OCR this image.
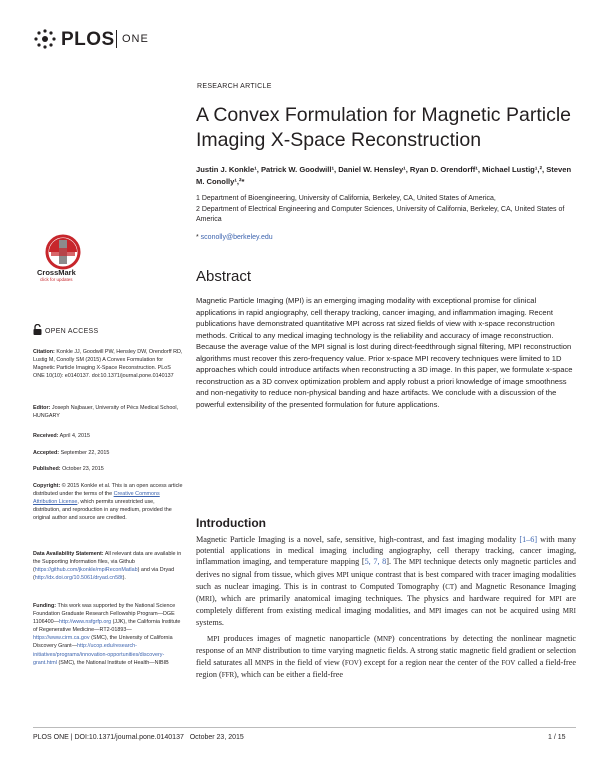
PLOS ONE
RESEARCH ARTICLE
A Convex Formulation for Magnetic Particle Imaging X-Space Reconstruction
Justin J. Konkle¹, Patrick W. Goodwill¹, Daniel W. Hensley¹, Ryan D. Orendorff¹, Michael Lustig¹,², Steven M. Conolly¹,²*
1 Department of Bioengineering, University of California, Berkeley, CA, United States of America,
2 Department of Electrical Engineering and Computer Sciences, University of California, Berkeley, CA, United States of America
* sconolly@berkeley.edu
CrossMark
click for updates
OPEN ACCESS
Citation: Konkle JJ, Goodwill PW, Hensley DW, Orendorff RD, Lustig M, Conolly SM (2015) A Convex Formulation for Magnetic Particle Imaging X-Space Reconstruction. PLoS ONE 10(10): e0140137. doi:10.1371/journal.pone.0140137
Editor: Joseph Najbauer, University of Pécs Medical School, HUNGARY
Received: April 4, 2015
Accepted: September 22, 2015
Published: October 23, 2015
Copyright: © 2015 Konkle et al. This is an open access article distributed under the terms of the Creative Commons Attribution License, which permits unrestricted use, distribution, and reproduction in any medium, provided the original author and source are credited.
Data Availability Statement: All relevant data are available in the Supporting Information files, via Github (https://github.com/jkonkle/mpiReconMatlab) and via Dryad (http://dx.doi.org/10.5061/dryad.cn58t).
Funding: This work was supported by the National Science Foundation Graduate Research Fellowship Program—DGE 1106400—http://www.nsfgrfp.org (JJK), the California Institute of Regenerative Medicine—RT2-01893—https://www.cirm.ca.gov (SMC), the University of California Discovery Grant—http://ucop.edu/research-initiatives/programs/innovation-opportunities/discovery-grant.html (SMC), the National Institute of Health—NIBIB
Abstract
Magnetic Particle Imaging (MPI) is an emerging imaging modality with exceptional promise for clinical applications in rapid angiography, cell therapy tracking, cancer imaging, and inflammation imaging. Recent publications have demonstrated quantitative MPI across rat sized fields of view with x-space reconstruction methods. Critical to any medical imaging technology is the reliability and accuracy of image reconstruction. Because the average value of the MPI signal is lost during direct-feedthrough signal filtering, MPI reconstruction algorithms must recover this zero-frequency value. Prior x-space MPI recovery techniques were limited to 1D approaches which could introduce artifacts when reconstructing a 3D image. In this paper, we formulate x-space reconstruction as a 3D convex optimization problem and apply robust a priori knowledge of image smoothness and non-negativity to reduce non-physical banding and haze artifacts. We conclude with a discussion of the powerful extensibility of the presented formulation for future applications.
Introduction

Magnetic Particle Imaging is a novel, safe, sensitive, high-contrast, and fast imaging modality [1–6] with many potential applications in medical imaging including angiography, cell therapy tracking, cancer imaging, inflammation imaging, and temperature mapping [5, 7, 8]. The MPI technique detects only magnetic particles and derives no signal from tissue, which gives MPI unique contrast that is best compared with tracer imaging modalities such as nuclear imaging. This is in contrast to Computed Tomography (CT) and Magnetic Resonance Imaging (MRI), which are primarily anatomical imaging techniques. The physics and hardware required for MPI are completely different from existing medical imaging modalities, and MPI images can not be acquired using MRI systems.

MPI produces images of magnetic nanoparticle (MNP) concentrations by detecting the nonlinear magnetic response of an MNP distribution to time varying magnetic fields. A strong static magnetic field gradient or selection field saturates all MNPS in the field of view (FOV) except for a region near the center of the FOV called a field-free region (FFR), which can be either a field-free

PLOS ONE | DOI:10.1371/journal.pone.0140137   October 23, 2015	1 / 15
